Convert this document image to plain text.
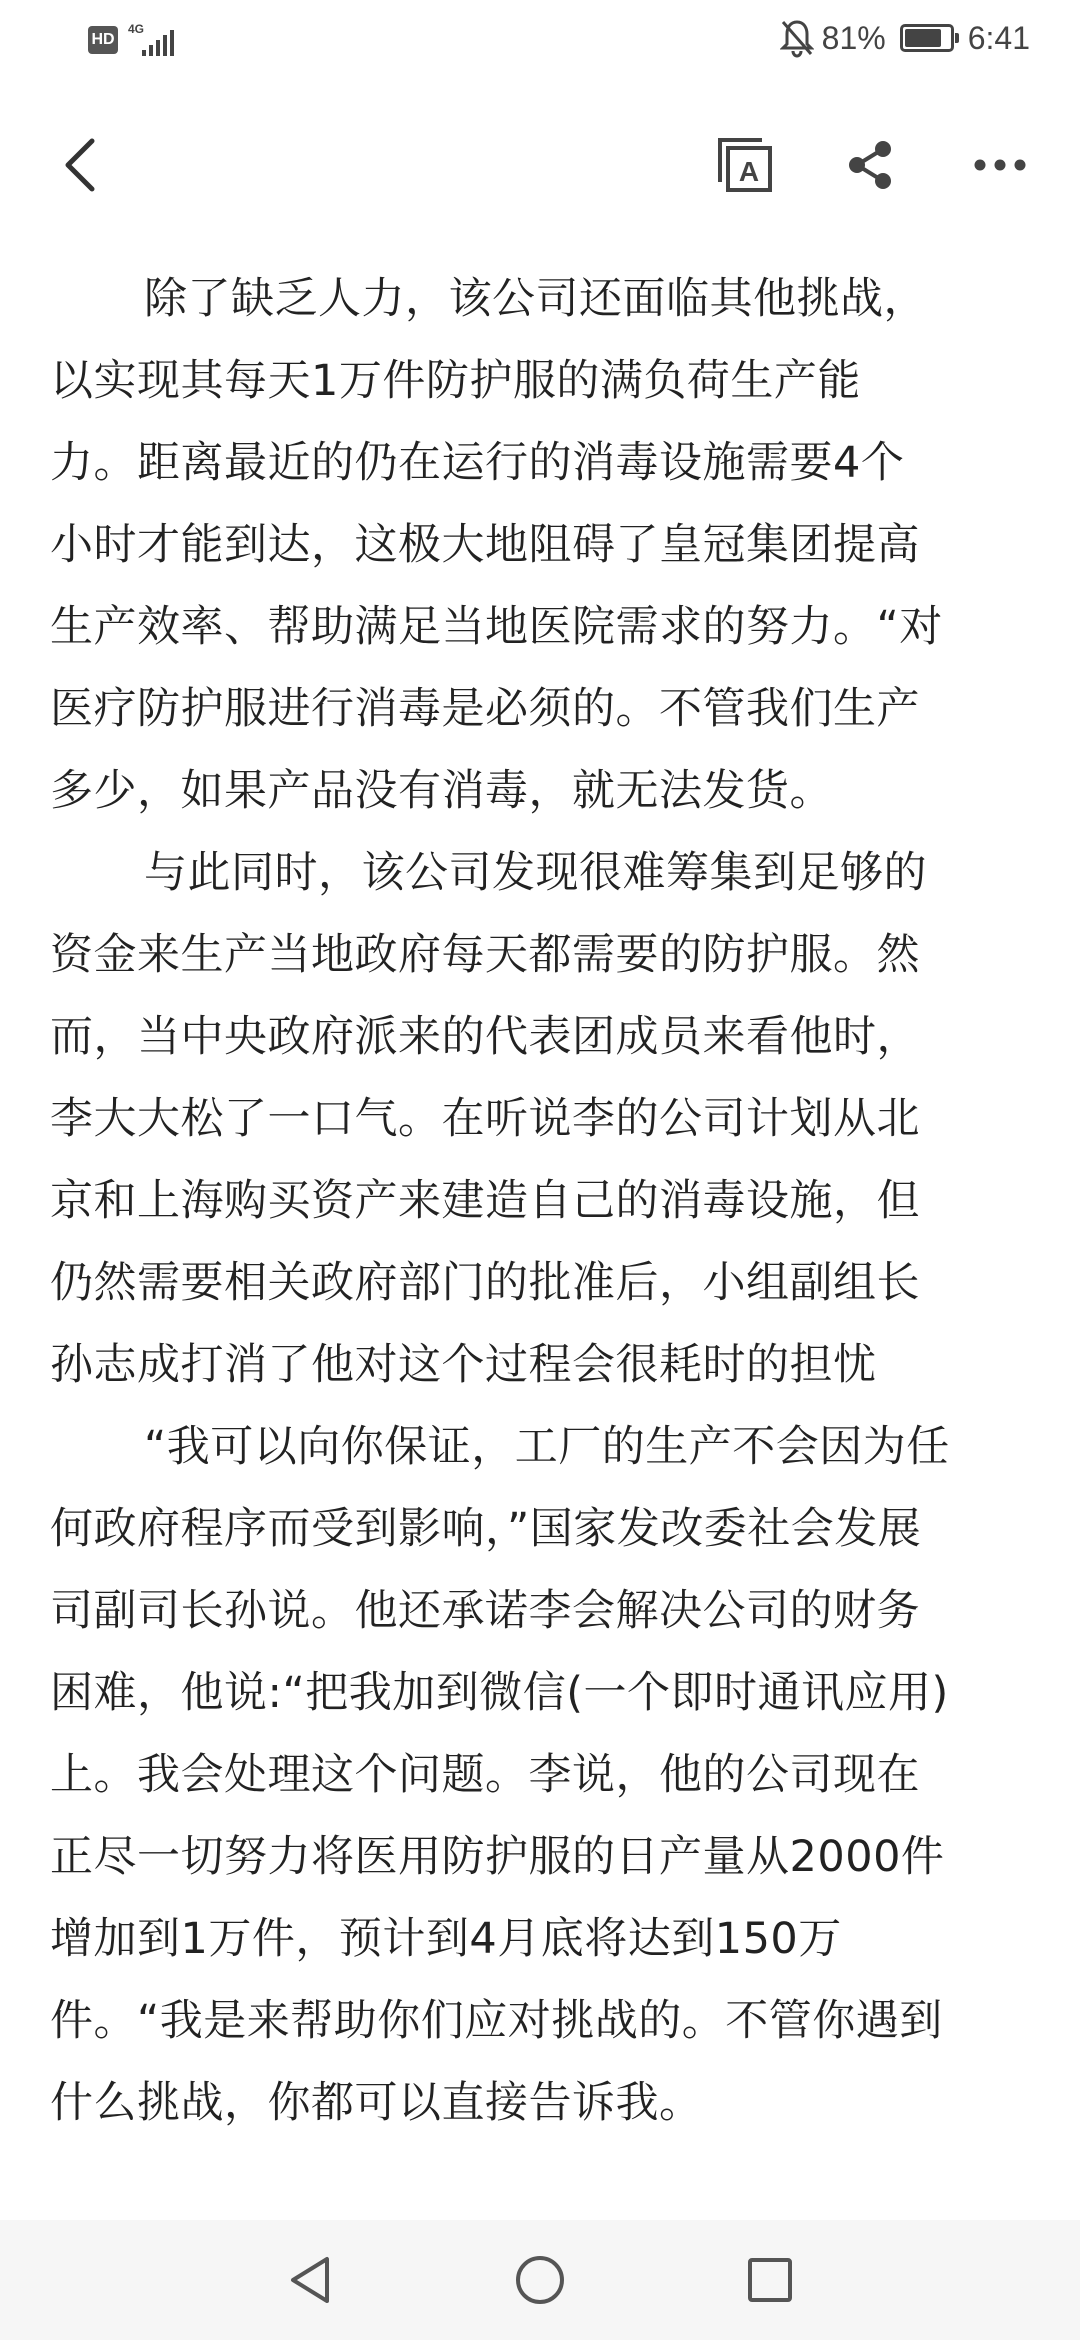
HD
4G	81%	6:41
A
除了缺乏人力，该公司还面临其他挑战，
以实现其每天1万件防护服的满负荷生产能
力。距离最近的仍在运行的消毒设施需要4个
小时才能到达，这极大地阻碍了皇冠集团提高
生产效率、帮助满足当地医院需求的努力。“对
医疗防护服进行消毒是必须的。不管我们生产
多少，如果产品没有消毒，就无法发货。
与此同时，该公司发现很难筹集到足够的
资金来生产当地政府每天都需要的防护服。然
而，当中央政府派来的代表团成员来看他时，
李大大松了一口气。在听说李的公司计划从北
京和上海购买资产来建造自己的消毒设施，但
仍然需要相关政府部门的批准后，小组副组长
孙志成打消了他对这个过程会很耗时的担忧
“我可以向你保证，工厂的生产不会因为任
何政府程序而受到影响，”国家发改委社会发展
司副司长孙说。他还承诺李会解决公司的财务
困难，他说:“把我加到微信(一个即时通讯应用)
上。我会处理这个问题。李说，他的公司现在
正尽一切努力将医用防护服的日产量从2000件
增加到1万件，预计到4月底将达到150万
件。“我是来帮助你们应对挑战的。不管你遇到
什么挑战，你都可以直接告诉我。
